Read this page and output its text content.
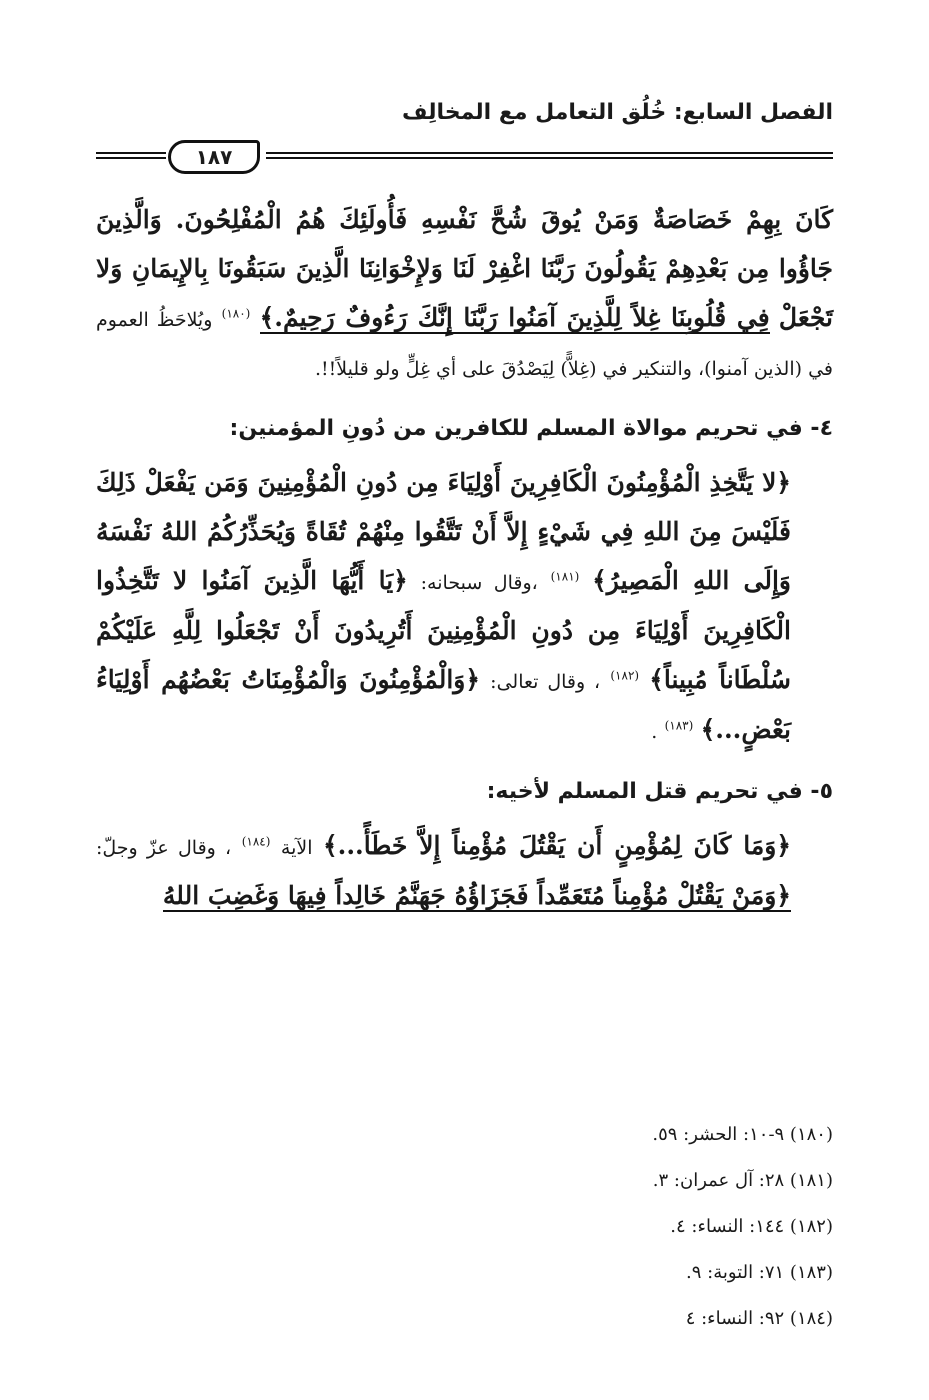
الفصل السابع: خُلُق التعامل مع المخالِف
١٨٧

كَانَ بِهِمْ خَصَاصَةٌ وَمَنْ يُوقَ شُحَّ نَفْسِهِ فَأُولَئِكَ هُمُ الْمُفْلِحُونَ. وَالَّذِينَ جَاؤُوا مِن بَعْدِهِمْ يَقُولُونَ رَبَّنَا اغْفِرْ لَنَا وَلإِخْوَانِنَا الَّذِينَ سَبَقُونَا بِالإِيمَانِ وَلا تَجْعَلْ فِي قُلُوبِنَا غِلاً لِلَّذِينَ آمَنُوا رَبَّنَا إِنَّكَ رَءُوفٌ رَحِيمٌ.﴾ $^{(١٨٠)}$ ويُلاحَظُ العموم في (الذين آمنوا)، والتنكير في (غِلاًّ) لِيَصْدُقَ على أي غِلٍّ ولو قليلاً!!.

٤- في تحريم موالاة المسلم للكافرين من دُونِ المؤمنين:

﴿لا يَتَّخِذِ الْمُؤْمِنُونَ الْكَافِرِينَ أَوْلِيَاءَ مِن دُونِ الْمُؤْمِنِينَ وَمَن يَفْعَلْ ذَلِكَ فَلَيْسَ مِنَ اللهِ فِي شَيْءٍ إِلاَّ أَنْ تَتَّقُوا مِنْهُمْ تُقَاةً وَيُحَذِّرُكُمُ اللهُ نَفْسَهُ وَإِلَى اللهِ الْمَصِيرُ﴾ $^{(١٨١)}$ ،وقال سبحانه: ﴿يَا أَيُّهَا الَّذِينَ آمَنُوا لا تَتَّخِذُوا الْكَافِرِينَ أَوْلِيَاءَ مِن دُونِ الْمُؤْمِنِينَ أَتُرِيدُونَ أَنْ تَجْعَلُوا لِلَّهِ عَلَيْكُمْ سُلْطَاناً مُبِيناً﴾ $^{(١٨٢)}$ ، وقال تعالى: ﴿وَالْمُؤْمِنُونَ وَالْمُؤْمِنَاتُ بَعْضُهُم أَوْلِيَاءُ بَعْضٍ...﴾ $^{(١٨٣)}$ .

٥- في تحريم قتل المسلم لأخيه:

﴿وَمَا كَانَ لِمُؤْمِنٍ أَن يَقْتُلَ مُؤْمِناً إِلاَّ خَطَأً...﴾ الآية $^{(١٨٤)}$ ، وقال عزّ وجلّ: ﴿وَمَنْ يَقْتُلْ مُؤْمِناً مُتَعَمِّداً فَجَزَاؤُهُ جَهَنَّمُ خَالِداً فِيهَا وَغَضِبَ اللهُ

(١٨٠) ٩-١٠: الحشر: ٥٩.

(١٨١) ٢٨: آل عمران: ٣.

(١٨٢) ١٤٤: النساء: ٤.

(١٨٣) ٧١: التوبة: ٩.

(١٨٤) ٩٢: النساء: ٤
